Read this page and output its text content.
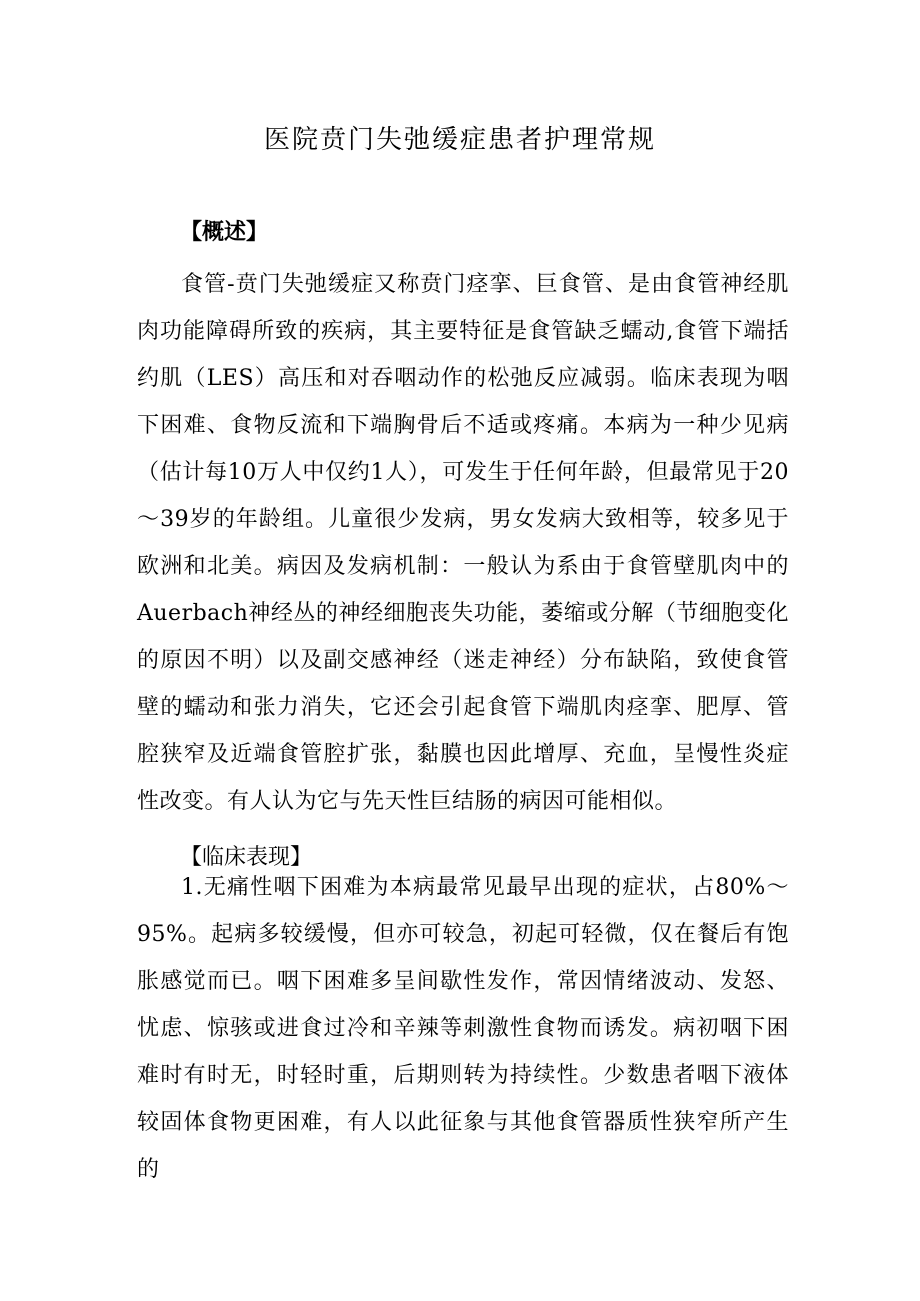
医院贲门失弛缓症患者护理常规
【概述】

食管-贲门失弛缓症又称贲门痉挛、巨食管、是由食管神经肌肉功能障碍所致的疾病，其主要特征是食管缺乏蠕动,食管下端括约肌（LES）高压和对吞咽动作的松弛反应减弱。临床表现为咽下困难、食物反流和下端胸骨后不适或疼痛。本病为一种少见病（估计每10万人中仅约1人），可发生于任何年龄，但最常见于20～39岁的年龄组。儿童很少发病，男女发病大致相等，较多见于欧洲和北美。病因及发病机制：一般认为系由于食管壁肌肉中的Auerbach神经丛的神经细胞丧失功能，萎缩或分解（节细胞变化的原因不明）以及副交感神经（迷走神经）分布缺陷，致使食管壁的蠕动和张力消失，它还会引起食管下端肌肉痉挛、肥厚、管腔狭窄及近端食管腔扩张，黏膜也因此增厚、充血，呈慢性炎症性改变。有人认为它与先天性巨结肠的病因可能相似。

【临床表现】

1.无痛性咽下困难为本病最常见最早出现的症状，占80%～95%。起病多较缓慢，但亦可较急，初起可轻微，仅在餐后有饱胀感觉而已。咽下困难多呈间歇性发作，常因情绪波动、发怒、忧虑、惊骇或进食过冷和辛辣等刺激性食物而诱发。病初咽下困难时有时无，时轻时重，后期则转为持续性。少数患者咽下液体较固体食物更困难，有人以此征象与其他食管器质性狭窄所产生的
